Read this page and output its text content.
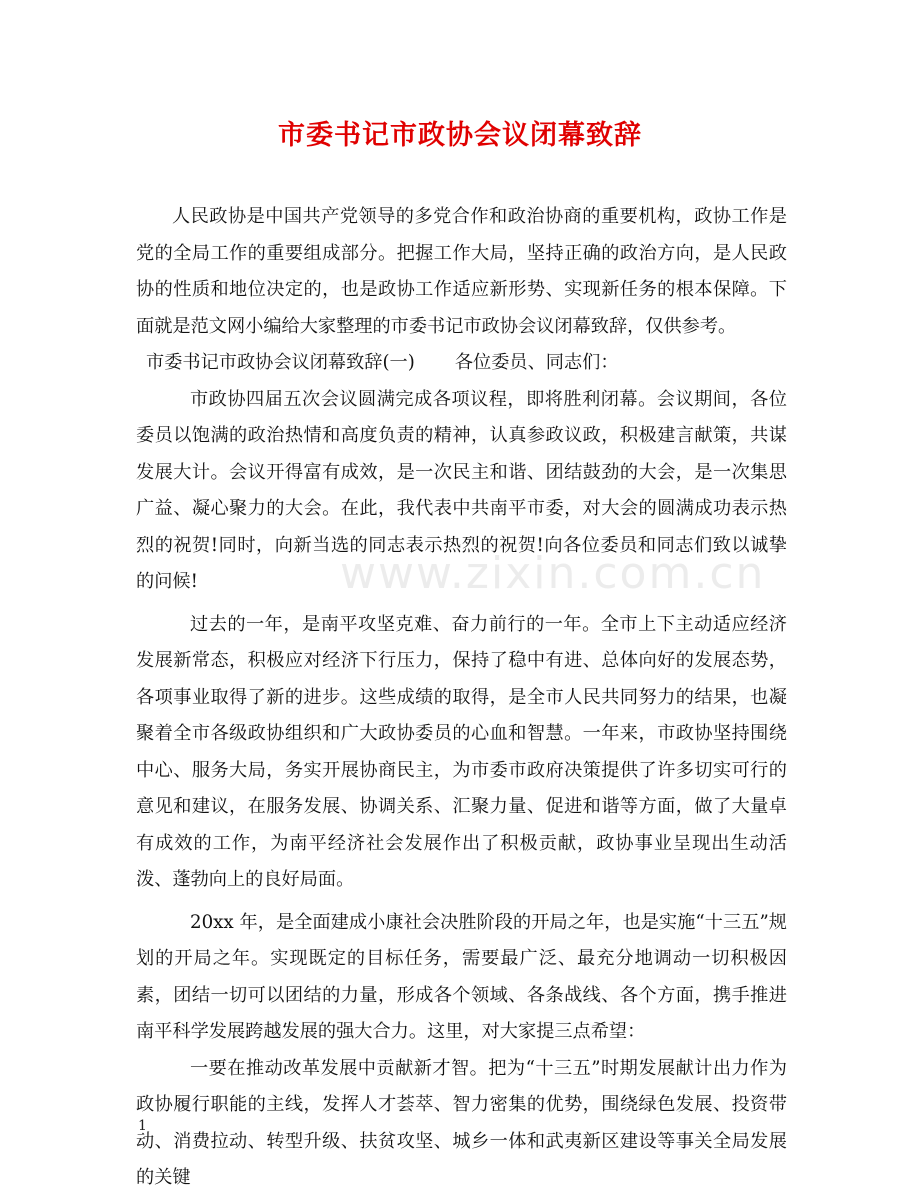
市委书记市政协会议闭幕致辞

人民政协是中国共产党领导的多党合作和政治协商的重要机构，政协工作是党的全局工作的重要组成部分。把握工作大局，坚持正确的政治方向，是人民政协的性质和地位决定的，也是政协工作适应新形势、实现新任务的根本保障。下面就是范文网小编给大家整理的市委书记市政协会议闭幕致辞，仅供参考。

市委书记市政协会议闭幕致辞(一) 各位委员、同志们：

市政协四届五次会议圆满完成各项议程，即将胜利闭幕。会议期间，各位委员以饱满的政治热情和高度负责的精神，认真参政议政，积极建言献策，共谋发展大计。会议开得富有成效，是一次民主和谐、团结鼓劲的大会，是一次集思广益、凝心聚力的大会。在此，我代表中共南平市委，对大会的圆满成功表示热烈的祝贺!同时，向新当选的同志表示热烈的祝贺!向各位委员和同志们致以诚挚的问候!

过去的一年，是南平攻坚克难、奋力前行的一年。全市上下主动适应经济发展新常态，积极应对经济下行压力，保持了稳中有进、总体向好的发展态势，各项事业取得了新的进步。这些成绩的取得，是全市人民共同努力的结果，也凝聚着全市各级政协组织和广大政协委员的心血和智慧。一年来，市政协坚持围绕中心、服务大局，务实开展协商民主，为市委市政府决策提供了许多切实可行的意见和建议，在服务发展、协调关系、汇聚力量、促进和谐等方面，做了大量卓有成效的工作，为南平经济社会发展作出了积极贡献，政协事业呈现出生动活泼、蓬勃向上的良好局面。

20xx 年，是全面建成小康社会决胜阶段的开局之年，也是实施“十三五”规划的开局之年。实现既定的目标任务，需要最广泛、最充分地调动一切积极因素，团结一切可以团结的力量，形成各个领域、各条战线、各个方面，携手推进南平科学发展跨越发展的强大合力。这里，对大家提三点希望：

一要在推动改革发展中贡献新才智。把为“十三五”时期发展献计出力作为政协履行职能的主线，发挥人才荟萃、智力密集的优势，围绕绿色发展、投资带动、消费拉动、转型升级、扶贫攻坚、城乡一体和武夷新区建设等事关全局发展的关键

www.zixin.com.cn
1
